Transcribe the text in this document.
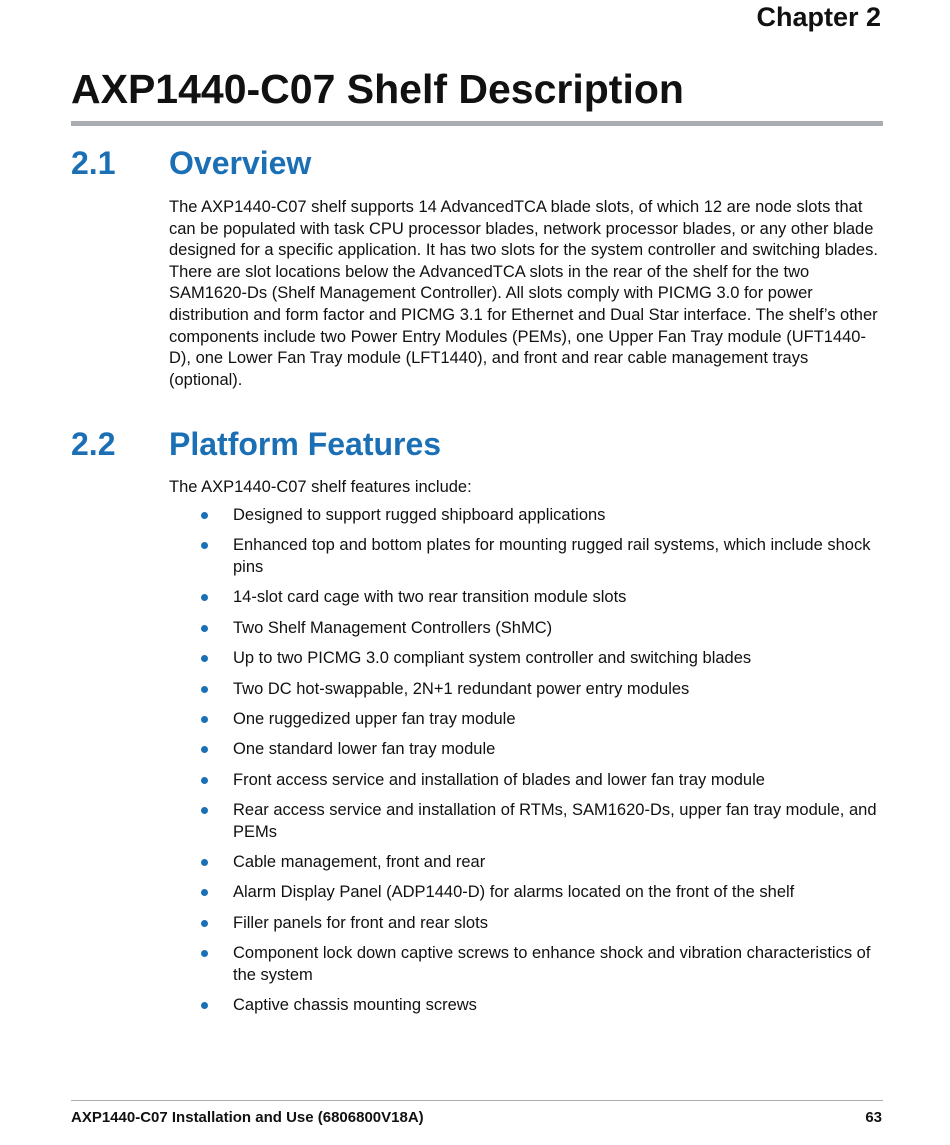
Chapter 2
AXP1440-C07 Shelf Description
2.1 Overview

The AXP1440-C07 shelf supports 14 AdvancedTCA blade slots, of which 12 are node slots that can be populated with task CPU processor blades, network processor blades, or any other blade designed for a specific application. It has two slots for the system controller and switching blades. There are slot locations below the AdvancedTCA slots in the rear of the shelf for the two SAM1620-Ds (Shelf Management Controller). All slots comply with PICMG 3.0 for power distribution and form factor and PICMG 3.1 for Ethernet and Dual Star interface. The shelf’s other components include two Power Entry Modules (PEMs), one Upper Fan Tray module (UFT1440-D), one Lower Fan Tray module (LFT1440), and front and rear cable management trays (optional).

2.2 Platform Features

The AXP1440-C07 shelf features include:

Designed to support rugged shipboard applications
Enhanced top and bottom plates for mounting rugged rail systems, which include shock pins
14-slot card cage with two rear transition module slots
Two Shelf Management Controllers (ShMC)
Up to two PICMG 3.0 compliant system controller and switching blades
Two DC hot-swappable, 2N+1 redundant power entry modules
One ruggedized upper fan tray module
One standard lower fan tray module
Front access service and installation of blades and lower fan tray module
Rear access service and installation of RTMs, SAM1620-Ds, upper fan tray module, and PEMs
Cable management, front and rear
Alarm Display Panel (ADP1440-D) for alarms located on the front of the shelf
Filler panels for front and rear slots
Component lock down captive screws to enhance shock and vibration characteristics of the system
Captive chassis mounting screws
AXP1440-C07 Installation and Use (6806800V18A)	63
